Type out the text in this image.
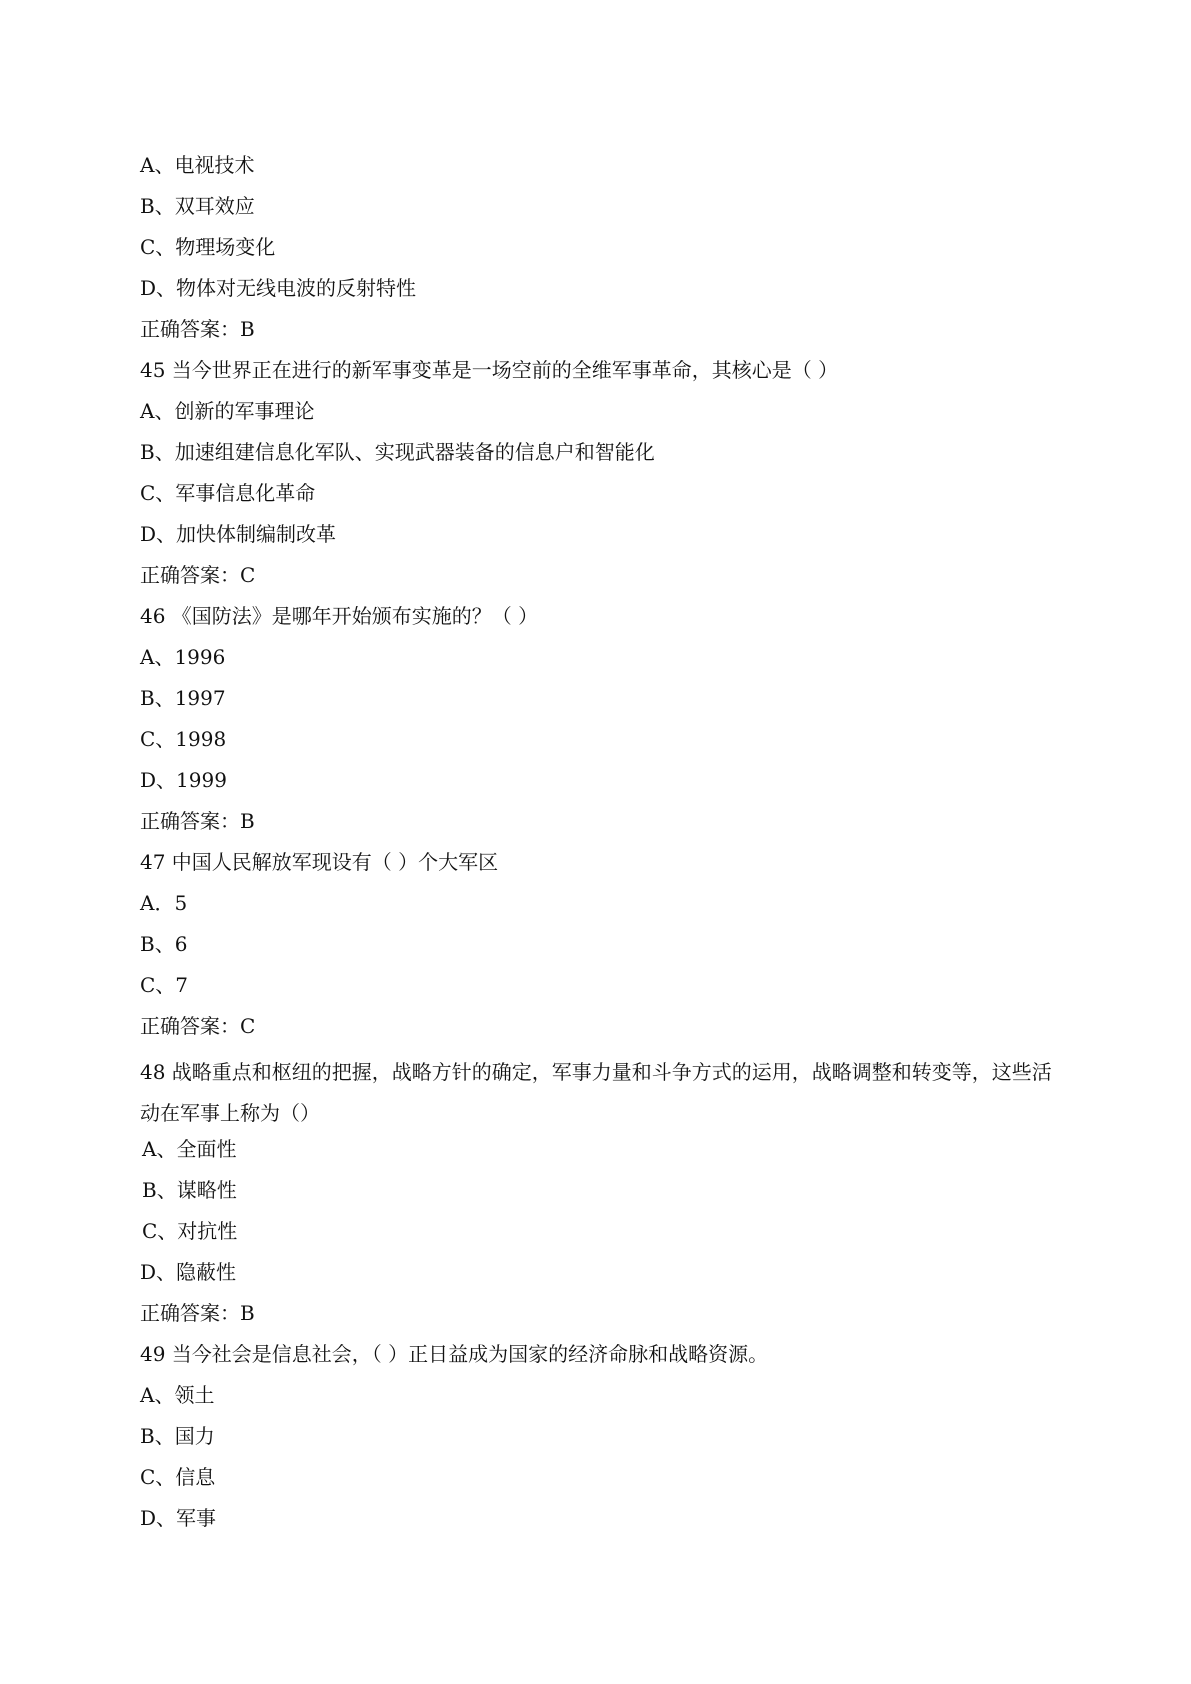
A、电视技术
B、双耳效应
C、物理场变化
D、物体对无线电波的反射特性
正确答案：B
45 当今世界正在进行的新军事变革是一场空前的全维军事革命，其核心是（ ）
A、创新的军事理论
B、加速组建信息化军队、实现武器装备的信息户和智能化
C、军事信息化革命
D、加快体制编制改革
正确答案：C
46 《国防法》是哪年开始颁布实施的？（ ）
A、1996
B、1997
C、1998
D、1999
正确答案：B
47 中国人民解放军现设有（ ）个大军区
A．5
B、6
C、7
正确答案：C
48 战略重点和枢纽的把握，战略方针的确定，军事力量和斗争方式的运用，战略调整和转变等，这些活动在军事上称为（）
A、全面性
B、谋略性
C、对抗性
D、隐蔽性
正确答案：B
49 当今社会是信息社会，（ ）正日益成为国家的经济命脉和战略资源。
A、领土
B、国力
C、信息
D、军事
